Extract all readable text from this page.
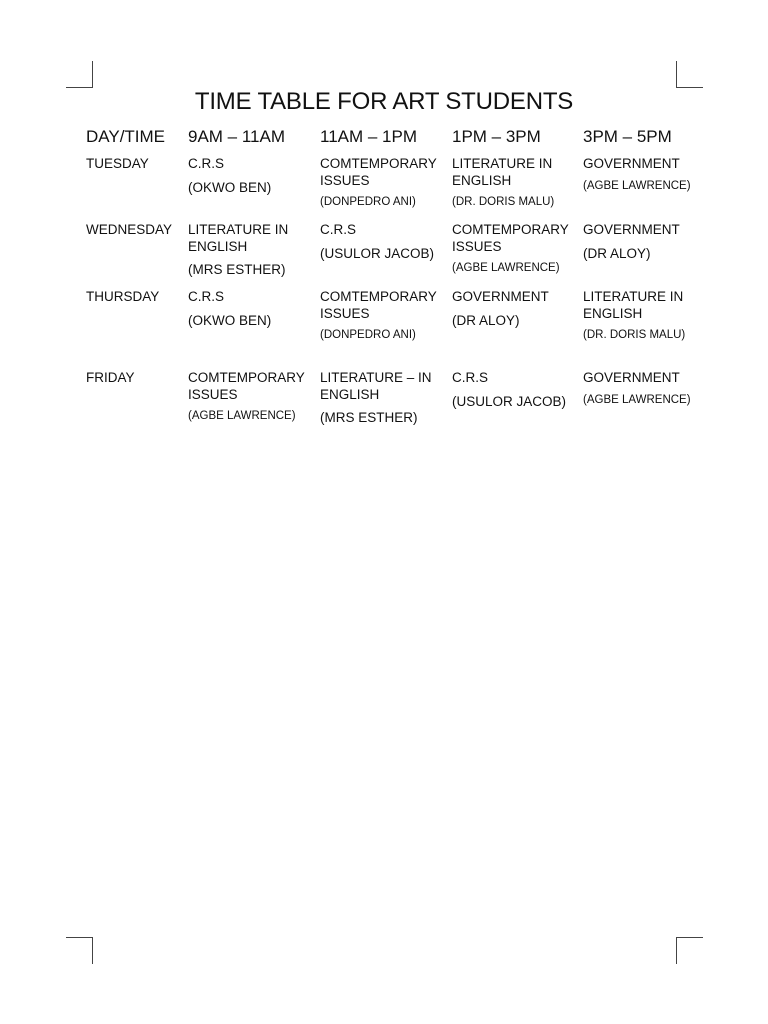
TIME TABLE FOR ART STUDENTS
DAY/TIME 9AM – 11AM 11AM – 1PM 1PM – 3PM 3PM – 5PM
TUESDAY	C.R.S

(OKWO BEN)

COMTEMPORARY ISSUES

(DONPEDRO ANI)

LITERATURE IN ENGLISH

(DR. DORIS MALU)

GOVERNMENT

(AGBE LAWRENCE)

WEDNESDAY LITERATURE IN ENGLISH

(MRS ESTHER)

C.R.S

(USULOR JACOB)

COMTEMPORARY ISSUES

(AGBE LAWRENCE)

GOVERNMENT

(DR ALOY)

THURSDAY C.R.S

(OKWO BEN)

COMTEMPORARY ISSUES

(DONPEDRO ANI)

GOVERNMENT

(DR ALOY)

LITERATURE IN ENGLISH

(DR. DORIS MALU)

FRIDAY	COMTEMPORARY ISSUES

(AGBE LAWRENCE)

LITERATURE – IN ENGLISH

(MRS ESTHER)

C.R.S

(USULOR JACOB)

GOVERNMENT

(AGBE LAWRENCE)
